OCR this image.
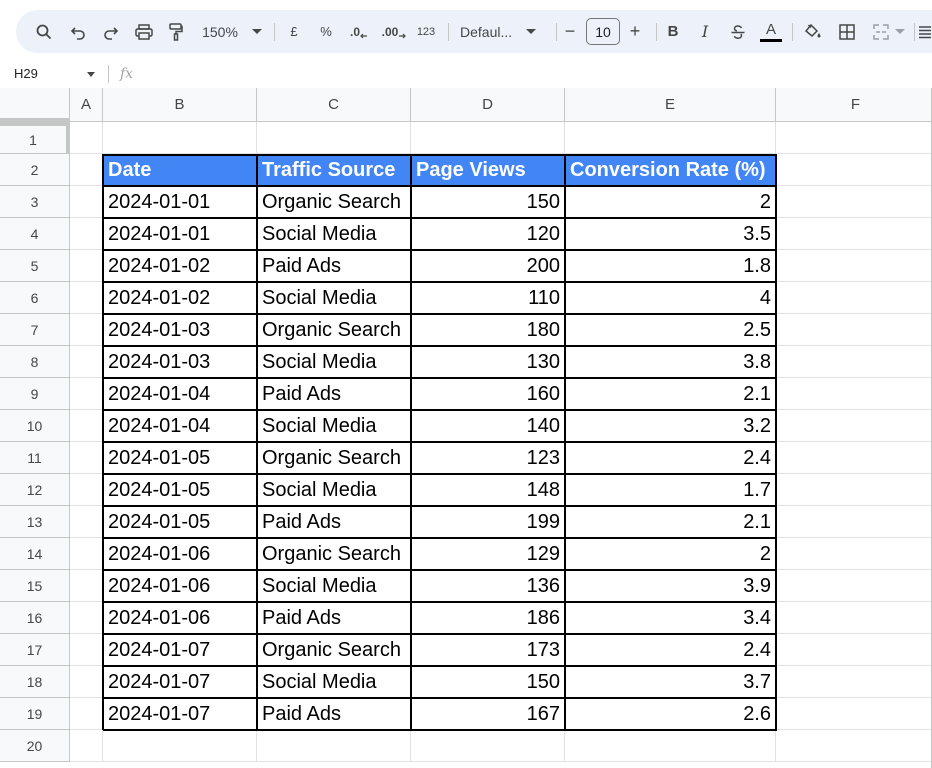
150%	£	%	.0 .00 123 Defaul...	−	10	+	B	I	A
H29	fx
A	B	C	D	E	F
1
2
3
4
5
6
7
8
9
10
11
12
13
14
15
16
17
18
19
20
Date	Traffic Source	Page Views	Conversion Rate (%)
2024-01-01	Organic Search	150	2
2024-01-01	Social Media	120	3.5
2024-01-02	Paid Ads	200	1.8
2024-01-02	Social Media	110	4
2024-01-03	Organic Search	180	2.5
2024-01-03	Social Media	130	3.8
2024-01-04	Paid Ads	160	2.1
2024-01-04	Social Media	140	3.2
2024-01-05	Organic Search	123	2.4
2024-01-05	Social Media	148	1.7
2024-01-05	Paid Ads	199	2.1
2024-01-06	Organic Search	129	2
2024-01-06	Social Media	136	3.9
2024-01-06	Paid Ads	186	3.4
2024-01-07	Organic Search	173	2.4
2024-01-07	Social Media	150	3.7
2024-01-07	Paid Ads	167	2.6
